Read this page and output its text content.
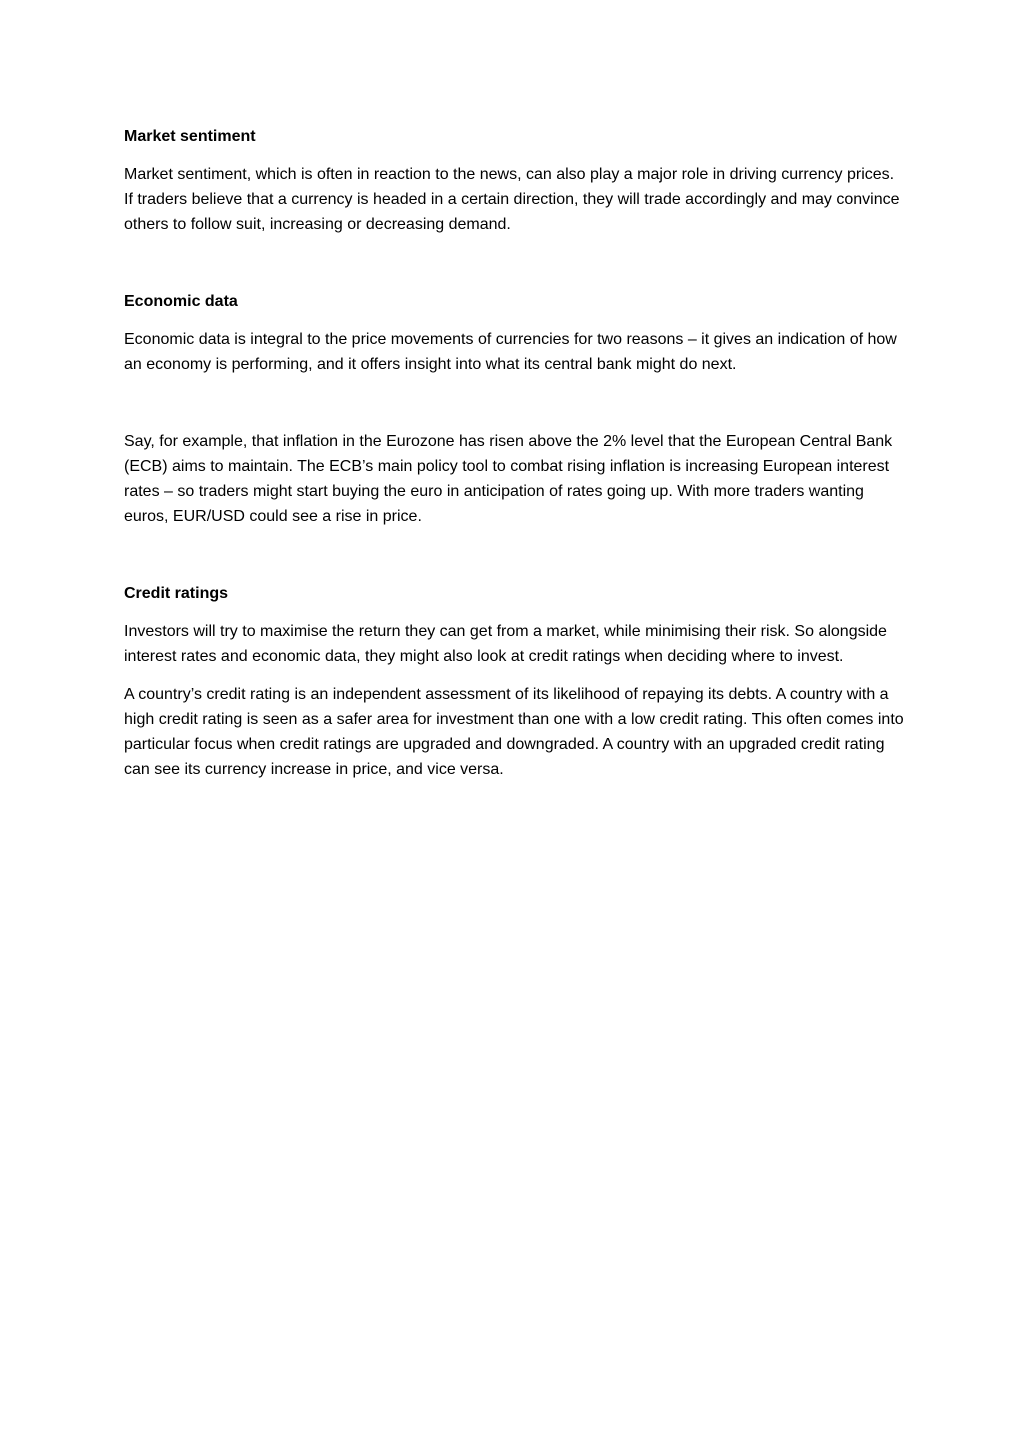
Market sentiment

Market sentiment, which is often in reaction to the news, can also play a major role in driving currency prices. If traders believe that a currency is headed in a certain direction, they will trade accordingly and may convince others to follow suit, increasing or decreasing demand.

Economic data

Economic data is integral to the price movements of currencies for two reasons – it gives an indication of how an economy is performing, and it offers insight into what its central bank might do next.

Say, for example, that inflation in the Eurozone has risen above the 2% level that the European Central Bank (ECB) aims to maintain. The ECB’s main policy tool to combat rising inflation is increasing European interest rates – so traders might start buying the euro in anticipation of rates going up. With more traders wanting euros, EUR/USD could see a rise in price.

Credit ratings

Investors will try to maximise the return they can get from a market, while minimising their risk. So alongside interest rates and economic data, they might also look at credit ratings when deciding where to invest.

A country’s credit rating is an independent assessment of its likelihood of repaying its debts. A country with a high credit rating is seen as a safer area for investment than one with a low credit rating. This often comes into particular focus when credit ratings are upgraded and downgraded. A country with an upgraded credit rating can see its currency increase in price, and vice versa.
